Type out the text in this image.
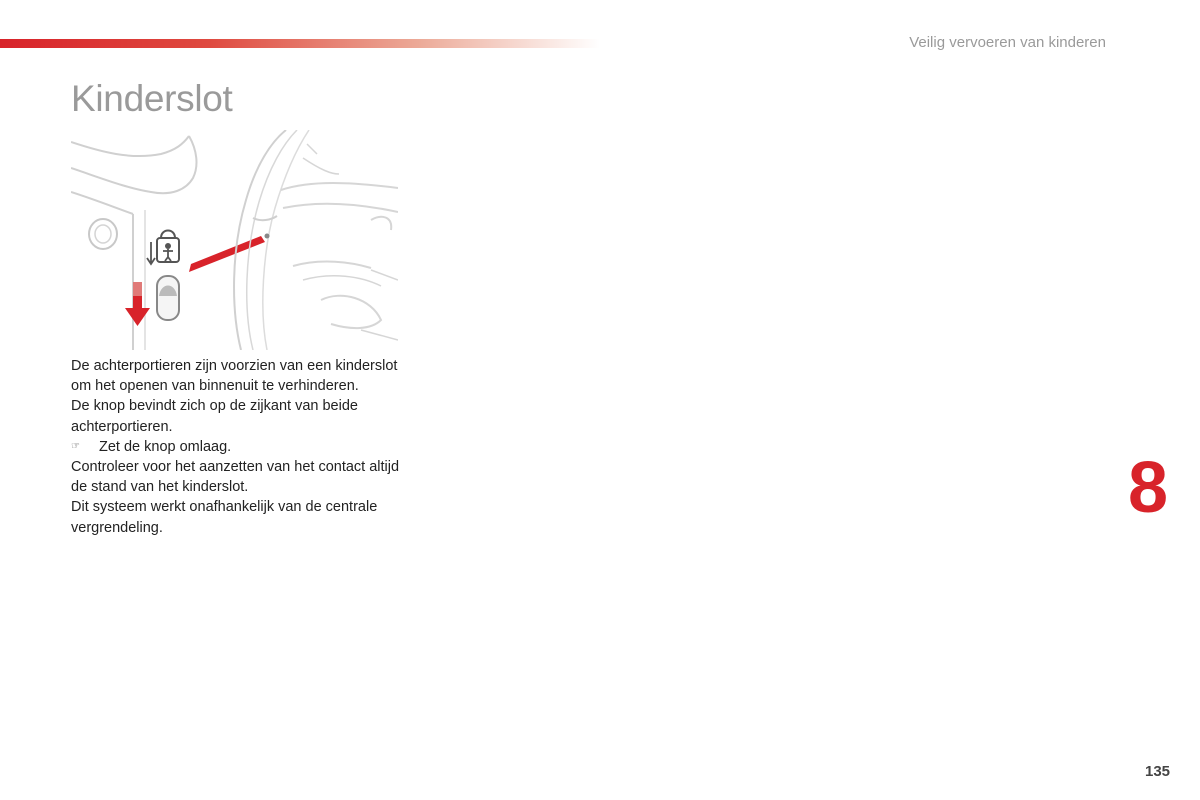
Veilig vervoeren van kinderen
Kinderslot

De achterportieren zijn voorzien van een kinderslot om het openen van binnenuit te verhinderen.

De knop bevindt zich op de zijkant van beide achterportieren.

☞ Zet de knop omlaag.

Controleer voor het aanzetten van het contact altijd de stand van het kinderslot.

Dit systeem werkt onafhankelijk van de centrale vergrendeling.	8
135
